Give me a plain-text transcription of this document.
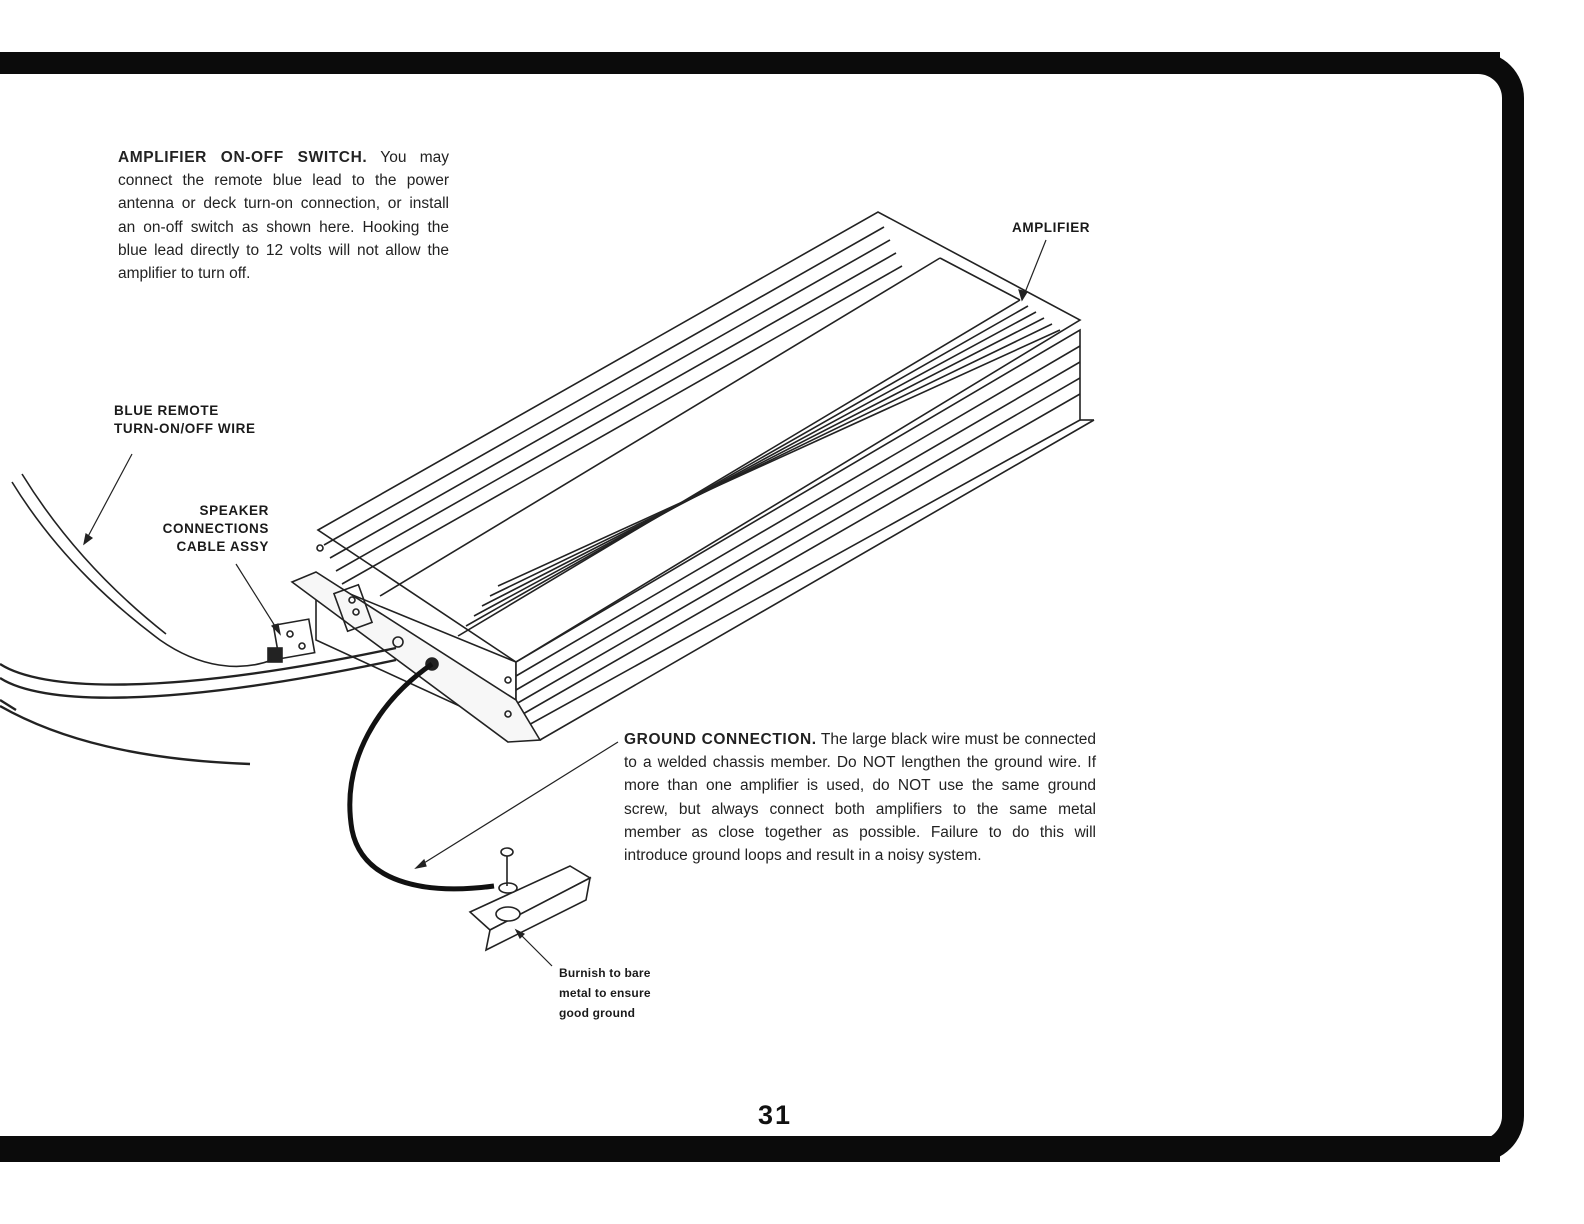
AMPLIFIER ON-OFF SWITCH. You may connect the remote blue lead to the power antenna or deck turn-on connection, or install an on-off switch as shown here. Hooking the blue lead directly to 12 volts will not allow the amplifier to turn off.
AMPLIFIER
BLUE REMOTE TURN-ON/OFF WIRE
SPEAKER CONNECTIONS CABLE ASSY
Burnish to bare metal to ensure good ground
GROUND CONNECTION. The large black wire must be connected to a welded chassis member. Do NOT lengthen the ground wire. If more than one amplifier is used, do NOT use the same ground screw, but always connect both amplifiers to the same metal member as close together as possible. Failure to do this will introduce ground loops and result in a noisy system.
31
